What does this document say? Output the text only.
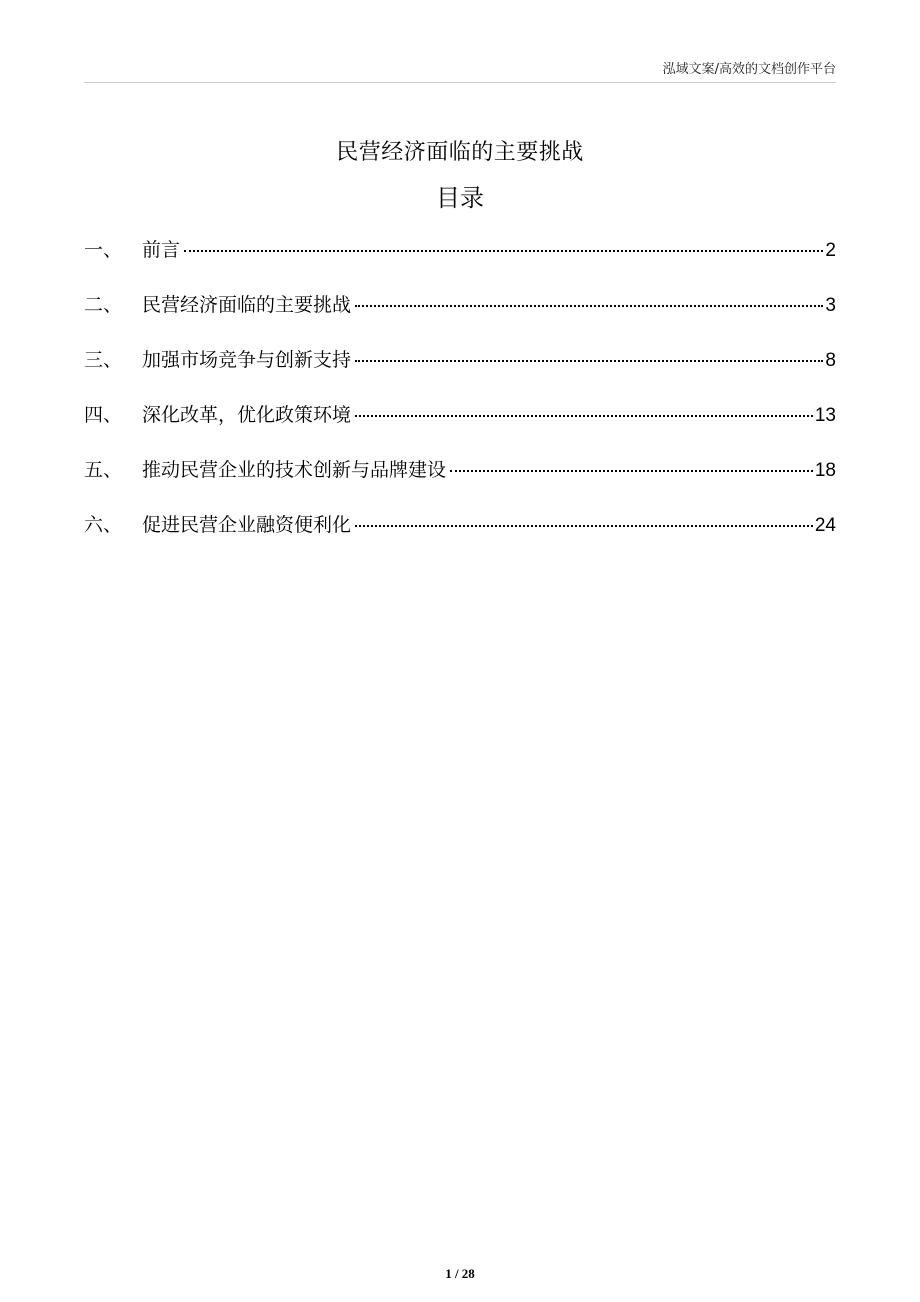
泓域文案/高效的文档创作平台
民营经济面临的主要挑战
目录
一、	前言	2
二、	民营经济面临的主要挑战	3
三、	加强市场竞争与创新支持	8
四、	深化改革，优化政策环境	13
五、	推动民营企业的技术创新与品牌建设	18
六、	促进民营企业融资便利化	24
1 / 28
